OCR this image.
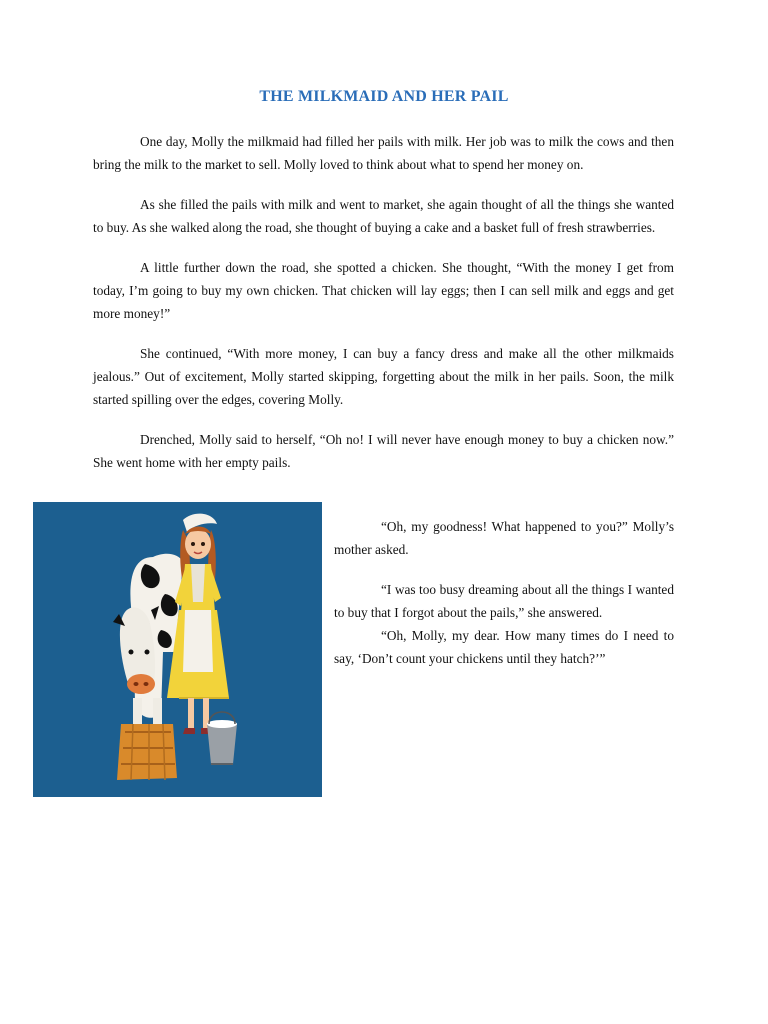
THE MILKMAID AND HER PAIL

One day, Molly the milkmaid had filled her pails with milk. Her job was to milk the cows and then bring the milk to the market to sell. Molly loved to think about what to spend her money on.

As she filled the pails with milk and went to market, she again thought of all the things she wanted to buy. As she walked along the road, she thought of buying a cake and a basket full of fresh strawberries.

A little further down the road, she spotted a chicken. She thought, “With the money I get from today, I’m going to buy my own chicken. That chicken will lay eggs; then I can sell milk and eggs and get more money!”

She continued, “With more money, I can buy a fancy dress and make all the other milkmaids jealous.” Out of excitement, Molly started skipping, forgetting about the milk in her pails. Soon, the milk started spilling over the edges, covering Molly.

Drenched, Molly said to herself, “Oh no! I will never have enough money to buy a chicken now.” She went home with her empty pails.

“Oh, my goodness! What happened to you?” Molly’s mother asked.

“I was too busy dreaming about all the things I wanted to buy that I forgot about the pails,” she answered.

“Oh, Molly, my dear. How many times do I need to say, ‘Don’t count your chickens until they hatch?’”
